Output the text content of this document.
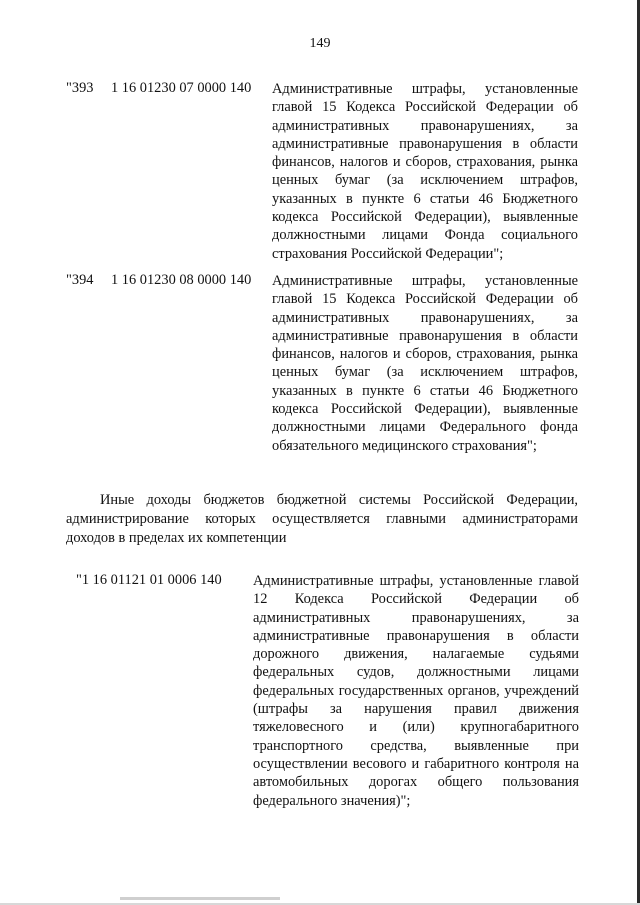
149
"393 1 16 01230 07 0000 140 Административные штрафы, установленные главой 15 Кодекса Российской Федерации об административных правонарушениях, за административные правонарушения в области финансов, налогов и сборов, страхования, рынка ценных бумаг (за исключением штрафов, указанных в пункте 6 статьи 46 Бюджетного кодекса Российской Федерации), выявленные должностными лицами Фонда социального страхования Российской Федерации";
"394 1 16 01230 08 0000 140 Административные штрафы, установленные главой 15 Кодекса Российской Федерации об административных правонарушениях, за административные правонарушения в области финансов, налогов и сборов, страхования, рынка ценных бумаг (за исключением штрафов, указанных в пункте 6 статьи 46 Бюджетного кодекса Российской Федерации), выявленные должностными лицами Федерального фонда обязательного медицинского страхования";
Иные доходы бюджетов бюджетной системы Российской Федерации, администрирование которых осуществляется главными администраторами доходов в пределах их компетенции
"1 16 01121 01 0006 140 Административные штрафы, установленные главой 12 Кодекса Российской Федерации об административных правонарушениях, за административные правонарушения в области дорожного движения, налагаемые судьями федеральных судов, должностными лицами федеральных государственных органов, учреждений (штрафы за нарушения правил движения тяжеловесного и (или) крупногабаритного транспортного средства, выявленные при осуществлении весового и габаритного контроля на автомобильных дорогах общего пользования федерального значения)";
